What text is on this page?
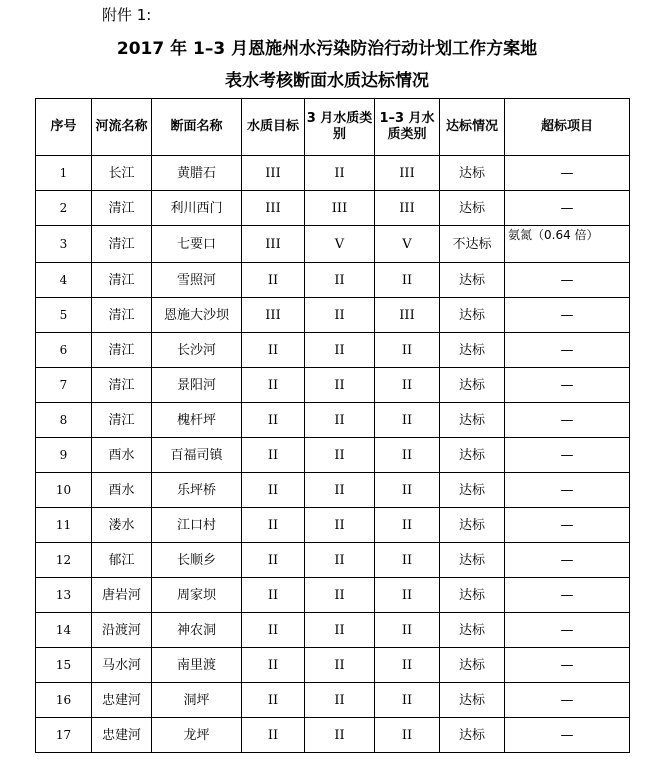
附件 1:
2017 年 1–3 月恩施州水污染防治行动计划工作方案地
表水考核断面水质达标情况
序号	河流名称	断面名称	水质目标	3 月水质类别	1–3 月水质类别	达标情况	超标项目
1	长江	黄腊石	III	II	III	达标	—
2	清江	利川西门	III	III	III	达标	—
3	清江	七要口	III	V	V	不达标	氨氮（0.64 倍）
4	清江	雪照河	II	II	II	达标	—
5	清江	恩施大沙坝	III	II	III	达标	—
6	清江	长沙河	II	II	II	达标	—
7	清江	景阳河	II	II	II	达标	—
8	清江	槐杆坪	II	II	II	达标	—
9	酉水	百福司镇	II	II	II	达标	—
10	酉水	乐坪桥	II	II	II	达标	—
11	溇水	江口村	II	II	II	达标	—
12	郁江	长顺乡	II	II	II	达标	—
13	唐岩河	周家坝	II	II	II	达标	—
14	沿渡河	神农洞	II	II	II	达标	—
15	马水河	南里渡	II	II	II	达标	—
16	忠建河	洞坪	II	II	II	达标	—
17	忠建河	龙坪	II	II	II	达标	—
